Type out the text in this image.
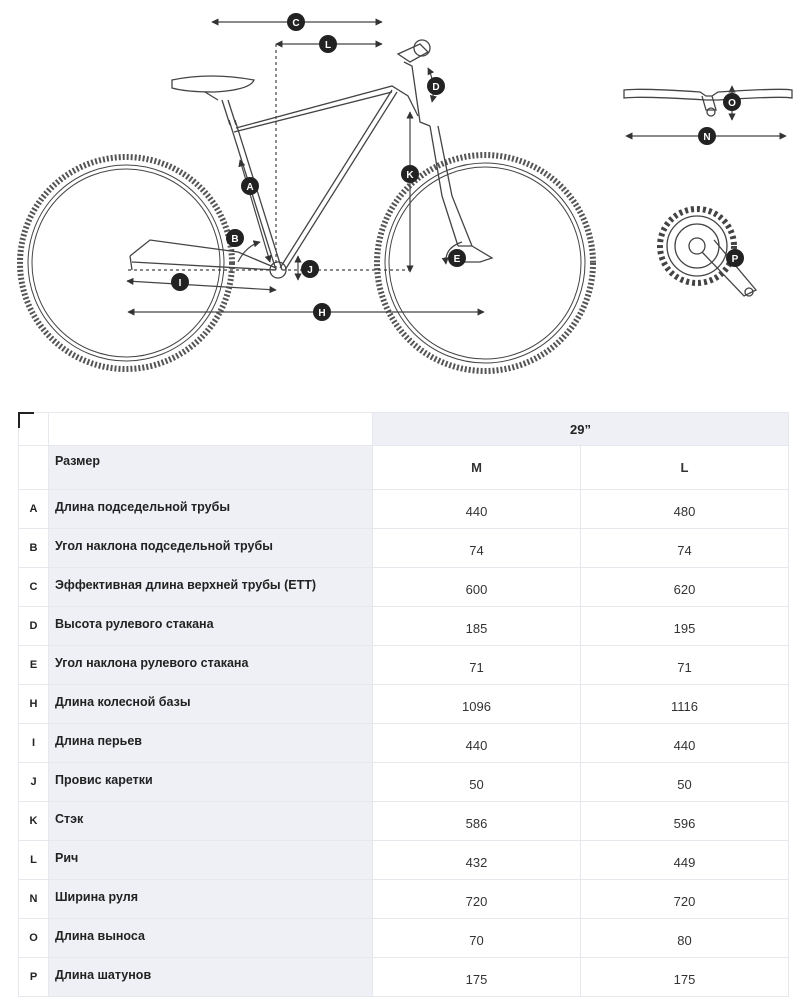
C
L
D
K
A
B
E
J
I
H
O
N
P
		29”	
	Размер	M	L
A	Длина подседельной трубы	440	480
B	Угол наклона подседельной трубы	74	74
C	Эффективная длина верхней трубы (ETT)	600	620
D	Высота рулевого стакана	185	195
E	Угол наклона рулевого стакана	71	71
H	Длина колесной базы	1096	1116
I	Длина перьев	440	440
J	Провис каретки	50	50
K	Стэк	586	596
L	Рич	432	449
N	Ширина руля	720	720
O	Длина выноса	70	80
P	Длина шатунов	175	175
